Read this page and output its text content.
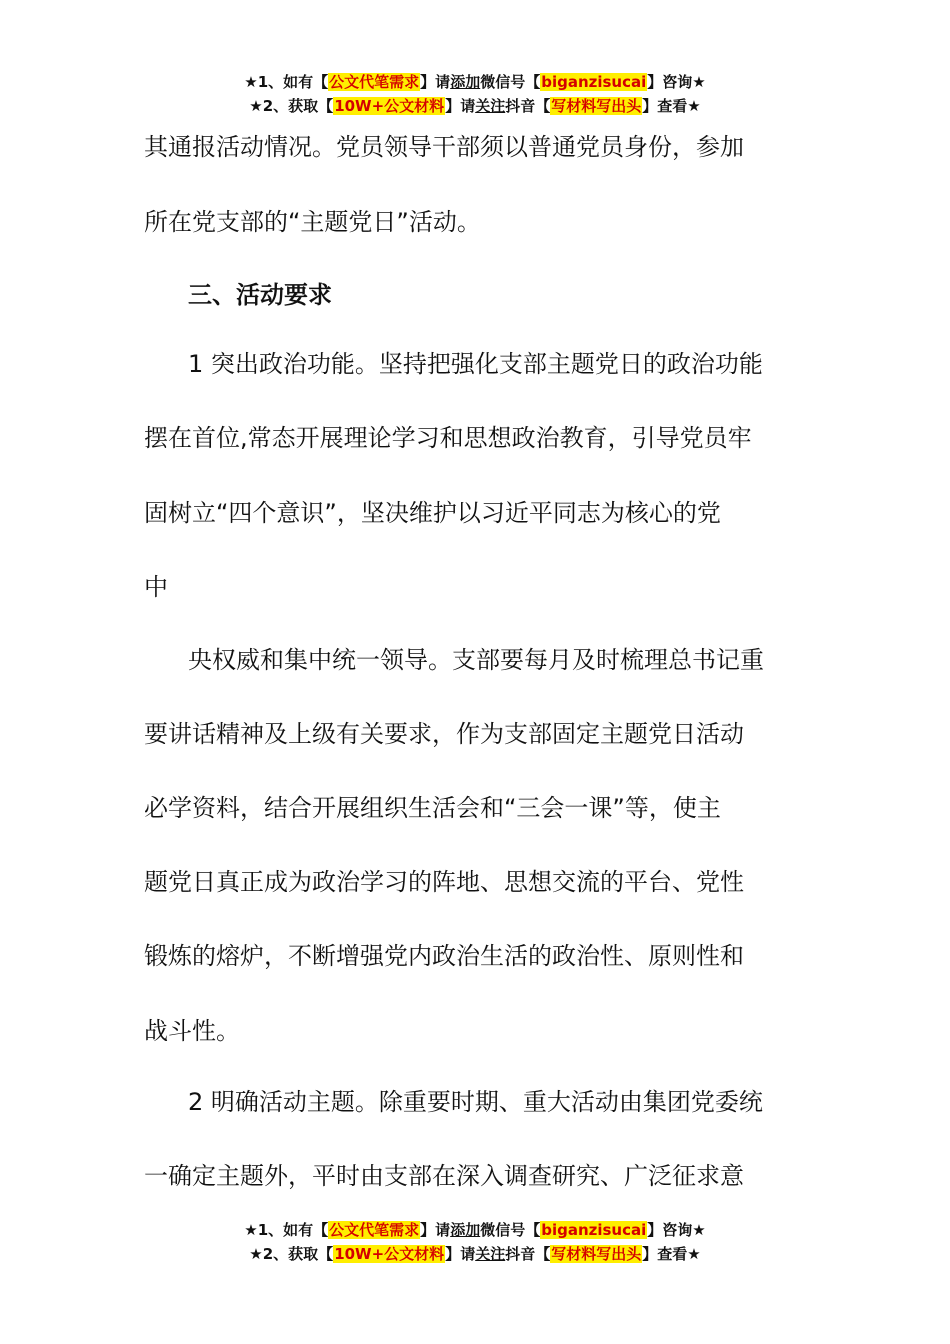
★1、如有【公文代笔需求】请添加微信号【biganzisucai】咨询★
★2、获取【10W+公文材料】请关注抖音【写材料写出头】查看★
其通报活动情况。党员领导干部须以普通党员身份，参加
所在党支部的“主题党日”活动。
三、活动要求
1 突出政治功能。坚持把强化支部主题党日的政治功能
摆在首位,常态开展理论学习和思想政治教育，引导党员牢
固树立“四个意识”，坚决维护以习近平同志为核心的党
中
央权威和集中统一领导。支部要每月及时梳理总书记重
要讲话精神及上级有关要求，作为支部固定主题党日活动
必学资料，结合开展组织生活会和“三会一课”等，使主
题党日真正成为政治学习的阵地、思想交流的平台、党性
锻炼的熔炉，不断增强党内政治生活的政治性、原则性和
战斗性。
2 明确活动主题。除重要时期、重大活动由集团党委统
一确定主题外，平时由支部在深入调查研究、广泛征求意
★1、如有【公文代笔需求】请添加微信号【biganzisucai】咨询★
★2、获取【10W+公文材料】请关注抖音【写材料写出头】查看★
